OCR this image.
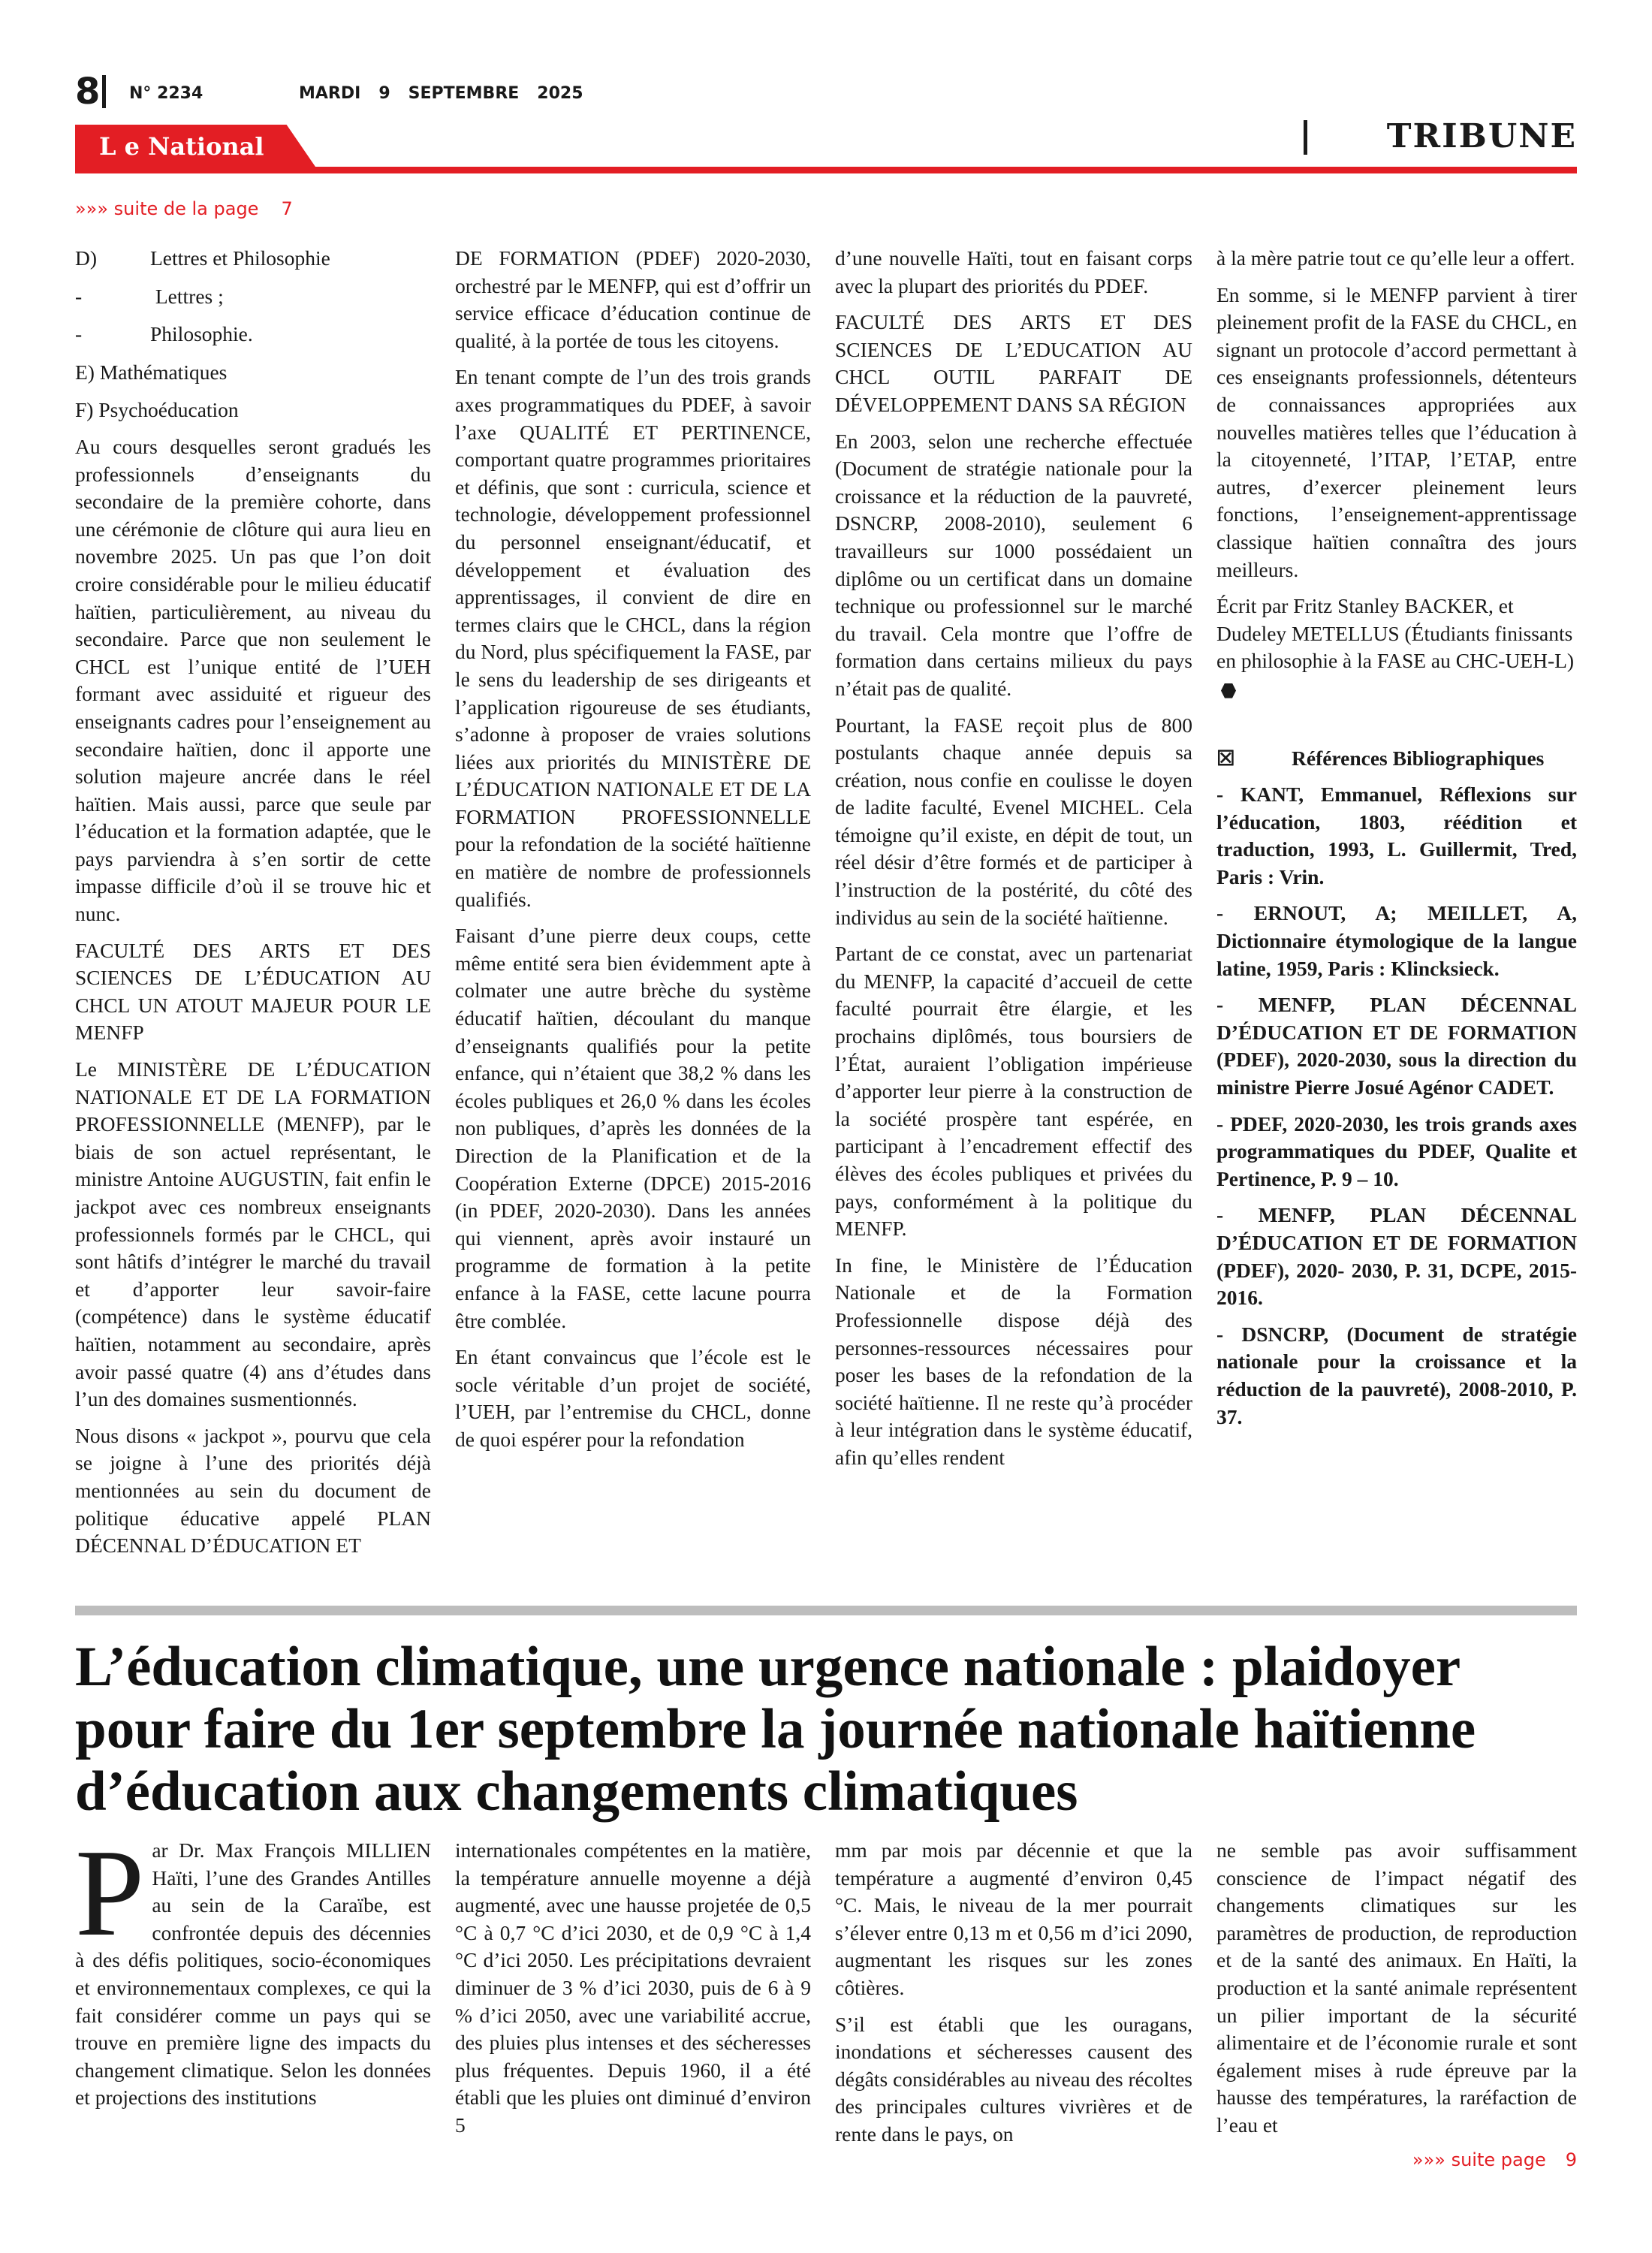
8 N° 2234	MARDI 9 SEPTEMBRE 2025
L e National	TRIBUNE
»»» suite de la page 7
D)	Lettres et Philosophie
-	Lettres ;
-	Philosophie.
E) Mathématiques
F) Psychoéducation

Au cours desquelles seront gradués les professionnels d’enseignants du secondaire de la première cohorte, dans une cérémonie de clôture qui aura lieu en novembre 2025. Un pas que l’on doit croire considérable pour le milieu éducatif haïtien, particulièrement, au niveau du secondaire. Parce que non seulement le CHCL est l’unique entité de l’UEH formant avec assiduité et rigueur des enseignants cadres pour l’enseignement au secondaire haïtien, donc il apporte une solution majeure ancrée dans le réel haïtien. Mais aussi, parce que seule par l’éducation et la formation adaptée, que le pays parviendra à s’en sortir de cette impasse difficile d’où il se trouve hic et nunc.

FACULTÉ DES ARTS ET DES SCIENCES DE L’ÉDUCATION AU CHCL UN ATOUT MAJEUR POUR LE MENFP

Le MINISTÈRE DE L’ÉDUCATION NATIONALE ET DE LA FORMATION PROFESSIONNELLE (MENFP), par le biais de son actuel représentant, le ministre Antoine AUGUSTIN, fait enfin le jackpot avec ces nombreux enseignants professionnels formés par le CHCL, qui sont hâtifs d’intégrer le marché du travail et d’apporter leur savoir-faire (compétence) dans le système éducatif haïtien, notamment au secondaire, après avoir passé quatre (4) ans d’études dans l’un des domaines susmentionnés.

Nous disons « jackpot », pourvu que cela se joigne à l’une des priorités déjà mentionnées au sein du document de politique éducative appelé PLAN DÉCENNAL D’ÉDUCATION ET

DE FORMATION (PDEF) 2020-2030, orchestré par le MENFP, qui est d’offrir un service efficace d’éducation continue de qualité, à la portée de tous les citoyens.

En tenant compte de l’un des trois grands axes programmatiques du PDEF, à savoir l’axe QUALITÉ ET PERTINENCE, comportant quatre programmes prioritaires et définis, que sont : curricula, science et technologie, développement professionnel du personnel enseignant/éducatif, et développement et évaluation des apprentissages, il convient de dire en termes clairs que le CHCL, dans la région du Nord, plus spécifiquement la FASE, par le sens du leadership de ses dirigeants et l’application rigoureuse de ses étudiants, s’adonne à proposer de vraies solutions liées aux priorités du MINISTÈRE DE L’ÉDUCATION NATIONALE ET DE LA FORMATION PROFESSIONNELLE pour la refondation de la société haïtienne en matière de nombre de professionnels qualifiés.

Faisant d’une pierre deux coups, cette même entité sera bien évidemment apte à colmater une autre brèche du système éducatif haïtien, découlant du manque d’enseignants qualifiés pour la petite enfance, qui n’étaient que 38,2 % dans les écoles publiques et 26,0 % dans les écoles non publiques, d’après les données de la Direction de la Planification et de la Coopération Externe (DPCE) 2015-2016 (in PDEF, 2020-2030). Dans les années qui viennent, après avoir instauré un programme de formation à la petite enfance à la FASE, cette lacune pourra être comblée.

En étant convaincus que l’école est le socle véritable d’un projet de société, l’UEH, par l’entremise du CHCL, donne de quoi espérer pour la refondation

d’une nouvelle Haïti, tout en faisant corps avec la plupart des priorités du PDEF.

FACULTÉ DES ARTS ET DES SCIENCES DE L’EDUCATION AU CHCL OUTIL PARFAIT DE DÉVELOPPEMENT DANS SA RÉGION

En 2003, selon une recherche effectuée (Document de stratégie nationale pour la croissance et la réduction de la pauvreté, DSNCRP, 2008-2010), seulement 6 travailleurs sur 1000 possédaient un diplôme ou un certificat dans un domaine technique ou professionnel sur le marché du travail. Cela montre que l’offre de formation dans certains milieux du pays n’était pas de qualité.

Pourtant, la FASE reçoit plus de 800 postulants chaque année depuis sa création, nous confie en coulisse le doyen de ladite faculté, Evenel MICHEL. Cela témoigne qu’il existe, en dépit de tout, un réel désir d’être formés et de participer à l’instruction de la postérité, du côté des individus au sein de la société haïtienne.

Partant de ce constat, avec un partenariat du MENFP, la capacité d’accueil de cette faculté pourrait être élargie, et les prochains diplômés, tous boursiers de l’État, auraient l’obligation impérieuse d’apporter leur pierre à la construction de la société prospère tant espérée, en participant à l’encadrement effectif des élèves des écoles publiques et privées du pays, conformément à la politique du MENFP.

In fine, le Ministère de l’Éducation Nationale et de la Formation Professionnelle dispose déjà des personnes-ressources nécessaires pour poser les bases de la refondation de la société haïtienne. Il ne reste qu’à procéder à leur intégration dans le système éducatif, afin qu’elles rendent

à la mère patrie tout ce qu’elle leur a offert.

En somme, si le MENFP parvient à tirer pleinement profit de la FASE du CHCL, en signant un protocole d’accord permettant à ces enseignants professionnels, détenteurs de connaissances appropriées aux nouvelles matières telles que l’éducation à la citoyenneté, l’ITAP, l’ETAP, entre autres, d’exercer pleinement leurs fonctions, l’enseignement-apprentissage classique haïtien connaîtra des jours meilleurs.

Écrit par Fritz Stanley BACKER, et Dudeley METELLUS (Étudiants finissants en philosophie à la FASE au CHC-UEH-L)

☒	Références Bibliographiques

- KANT, Emmanuel, Réflexions sur l’éducation, 1803, réédition et traduction, 1993, L. Guillermit, Tred, Paris : Vrin.

- ERNOUT, A; MEILLET, A, Dictionnaire étymologique de la langue latine, 1959, Paris : Klincksieck.

- MENFP, PLAN DÉCENNAL D’ÉDUCATION ET DE FORMATION (PDEF), 2020-2030, sous la direction du ministre Pierre Josué Agénor CADET.

- PDEF, 2020-2030, les trois grands axes programmatiques du PDEF, Qualite et Pertinence, P. 9 – 10.

- MENFP, PLAN DÉCENNAL D’ÉDUCATION ET DE FORMATION (PDEF), 2020- 2030, P. 31, DCPE, 2015-2016.

- DSNCRP, (Document de stratégie nationale pour la croissance et la réduction de la pauvreté), 2008-2010, P. 37.

L’éducation climatique, une urgence nationale : plaidoyer pour faire du 1er septembre la journée nationale haïtienne d’éducation aux changements climatiques

Par Dr. Max François MILLIEN Haïti, l’une des Grandes Antilles au sein de la Caraïbe, est confrontée depuis des décennies à des défis politiques, socio-économiques et environnementaux complexes, ce qui la fait considérer comme un pays qui se trouve en première ligne des impacts du changement climatique. Selon les données et projections des institutions

internationales compétentes en la matière, la température annuelle moyenne a déjà augmenté, avec une hausse projetée de 0,5 °C à 0,7 °C d’ici 2030, et de 0,9 °C à 1,4 °C d’ici 2050. Les précipitations devraient diminuer de 3 % d’ici 2030, puis de 6 à 9 % d’ici 2050, avec une variabilité accrue, des pluies plus intenses et des sécheresses plus fréquentes. Depuis 1960, il a été établi que les pluies ont diminué d’environ 5

mm par mois par décennie et que la température a augmenté d’environ 0,45 °C. Mais, le niveau de la mer pourrait s’élever entre 0,13 m et 0,56 m d’ici 2090, augmentant les risques sur les zones côtières.

S’il est établi que les ouragans, inondations et sécheresses causent des dégâts considérables au niveau des récoltes des principales cultures vivrières et de rente dans le pays, on

ne semble pas avoir suffisamment conscience de l’impact négatif des changements climatiques sur les paramètres de production, de reproduction et de la santé des animaux. En Haïti, la production et la santé animale représentent un pilier important de la sécurité alimentaire et de l’économie rurale et sont également mises à rude épreuve par la hausse des températures, la raréfaction de l’eau et

»»» suite page 9
